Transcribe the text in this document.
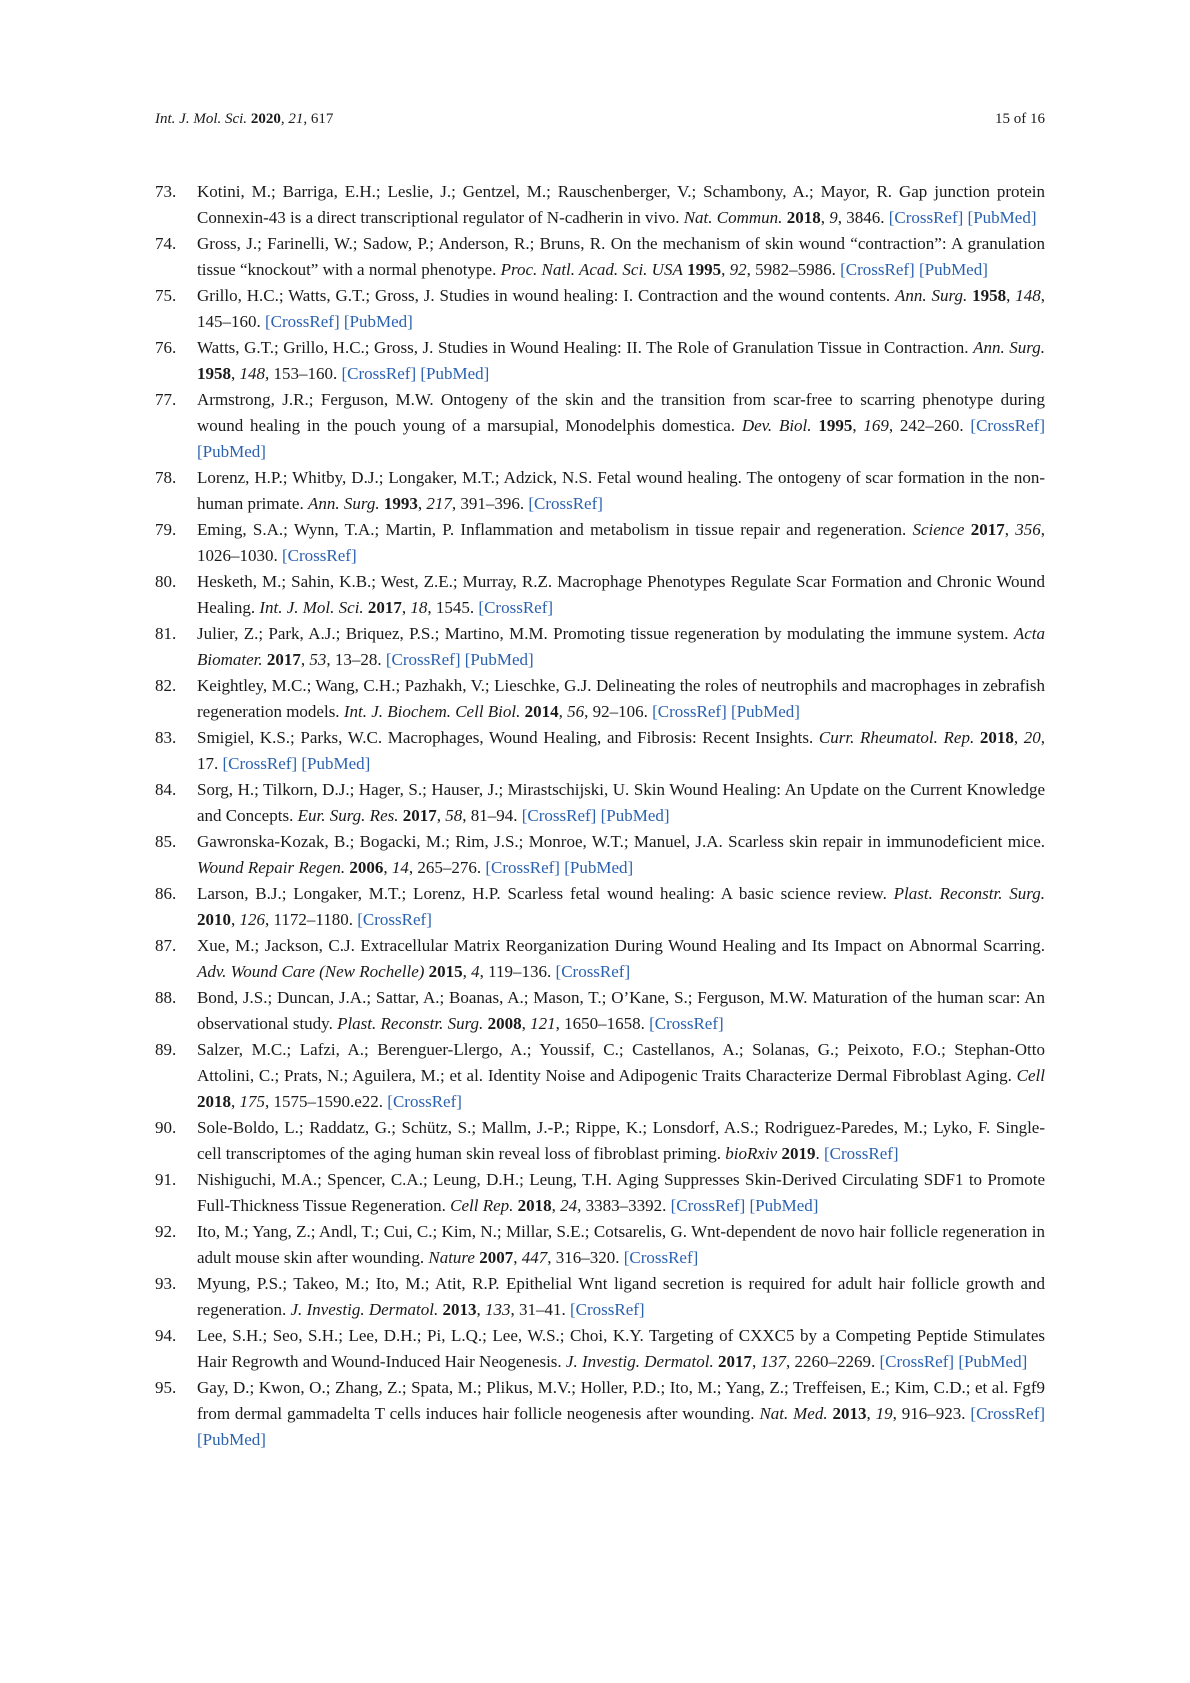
Int. J. Mol. Sci. 2020, 21, 617	15 of 16
73. Kotini, M.; Barriga, E.H.; Leslie, J.; Gentzel, M.; Rauschenberger, V.; Schambony, A.; Mayor, R. Gap junction protein Connexin-43 is a direct transcriptional regulator of N-cadherin in vivo. Nat. Commun. 2018, 9, 3846. [CrossRef] [PubMed]
74. Gross, J.; Farinelli, W.; Sadow, P.; Anderson, R.; Bruns, R. On the mechanism of skin wound “contraction”: A granulation tissue “knockout” with a normal phenotype. Proc. Natl. Acad. Sci. USA 1995, 92, 5982–5986. [CrossRef] [PubMed]
75. Grillo, H.C.; Watts, G.T.; Gross, J. Studies in wound healing: I. Contraction and the wound contents. Ann. Surg. 1958, 148, 145–160. [CrossRef] [PubMed]
76. Watts, G.T.; Grillo, H.C.; Gross, J. Studies in Wound Healing: II. The Role of Granulation Tissue in Contraction. Ann. Surg. 1958, 148, 153–160. [CrossRef] [PubMed]
77. Armstrong, J.R.; Ferguson, M.W. Ontogeny of the skin and the transition from scar-free to scarring phenotype during wound healing in the pouch young of a marsupial, Monodelphis domestica. Dev. Biol. 1995, 169, 242–260. [CrossRef] [PubMed]
78. Lorenz, H.P.; Whitby, D.J.; Longaker, M.T.; Adzick, N.S. Fetal wound healing. The ontogeny of scar formation in the non-human primate. Ann. Surg. 1993, 217, 391–396. [CrossRef]
79. Eming, S.A.; Wynn, T.A.; Martin, P. Inflammation and metabolism in tissue repair and regeneration. Science 2017, 356, 1026–1030. [CrossRef]
80. Hesketh, M.; Sahin, K.B.; West, Z.E.; Murray, R.Z. Macrophage Phenotypes Regulate Scar Formation and Chronic Wound Healing. Int. J. Mol. Sci. 2017, 18, 1545. [CrossRef]
81. Julier, Z.; Park, A.J.; Briquez, P.S.; Martino, M.M. Promoting tissue regeneration by modulating the immune system. Acta Biomater. 2017, 53, 13–28. [CrossRef] [PubMed]
82. Keightley, M.C.; Wang, C.H.; Pazhakh, V.; Lieschke, G.J. Delineating the roles of neutrophils and macrophages in zebrafish regeneration models. Int. J. Biochem. Cell Biol. 2014, 56, 92–106. [CrossRef] [PubMed]
83. Smigiel, K.S.; Parks, W.C. Macrophages, Wound Healing, and Fibrosis: Recent Insights. Curr. Rheumatol. Rep. 2018, 20, 17. [CrossRef] [PubMed]
84. Sorg, H.; Tilkorn, D.J.; Hager, S.; Hauser, J.; Mirastschijski, U. Skin Wound Healing: An Update on the Current Knowledge and Concepts. Eur. Surg. Res. 2017, 58, 81–94. [CrossRef] [PubMed]
85. Gawronska-Kozak, B.; Bogacki, M.; Rim, J.S.; Monroe, W.T.; Manuel, J.A. Scarless skin repair in immunodeficient mice. Wound Repair Regen. 2006, 14, 265–276. [CrossRef] [PubMed]
86. Larson, B.J.; Longaker, M.T.; Lorenz, H.P. Scarless fetal wound healing: A basic science review. Plast. Reconstr. Surg. 2010, 126, 1172–1180. [CrossRef]
87. Xue, M.; Jackson, C.J. Extracellular Matrix Reorganization During Wound Healing and Its Impact on Abnormal Scarring. Adv. Wound Care (New Rochelle) 2015, 4, 119–136. [CrossRef]
88. Bond, J.S.; Duncan, J.A.; Sattar, A.; Boanas, A.; Mason, T.; O’Kane, S.; Ferguson, M.W. Maturation of the human scar: An observational study. Plast. Reconstr. Surg. 2008, 121, 1650–1658. [CrossRef]
89. Salzer, M.C.; Lafzi, A.; Berenguer-Llergo, A.; Youssif, C.; Castellanos, A.; Solanas, G.; Peixoto, F.O.; Stephan-Otto Attolini, C.; Prats, N.; Aguilera, M.; et al. Identity Noise and Adipogenic Traits Characterize Dermal Fibroblast Aging. Cell 2018, 175, 1575–1590.e22. [CrossRef]
90. Sole-Boldo, L.; Raddatz, G.; Schütz, S.; Mallm, J.-P.; Rippe, K.; Lonsdorf, A.S.; Rodriguez-Paredes, M.; Lyko, F. Single-cell transcriptomes of the aging human skin reveal loss of fibroblast priming. bioRxiv 2019. [CrossRef]
91. Nishiguchi, M.A.; Spencer, C.A.; Leung, D.H.; Leung, T.H. Aging Suppresses Skin-Derived Circulating SDF1 to Promote Full-Thickness Tissue Regeneration. Cell Rep. 2018, 24, 3383–3392. [CrossRef] [PubMed]
92. Ito, M.; Yang, Z.; Andl, T.; Cui, C.; Kim, N.; Millar, S.E.; Cotsarelis, G. Wnt-dependent de novo hair follicle regeneration in adult mouse skin after wounding. Nature 2007, 447, 316–320. [CrossRef]
93. Myung, P.S.; Takeo, M.; Ito, M.; Atit, R.P. Epithelial Wnt ligand secretion is required for adult hair follicle growth and regeneration. J. Investig. Dermatol. 2013, 133, 31–41. [CrossRef]
94. Lee, S.H.; Seo, S.H.; Lee, D.H.; Pi, L.Q.; Lee, W.S.; Choi, K.Y. Targeting of CXXC5 by a Competing Peptide Stimulates Hair Regrowth and Wound-Induced Hair Neogenesis. J. Investig. Dermatol. 2017, 137, 2260–2269. [CrossRef] [PubMed]
95. Gay, D.; Kwon, O.; Zhang, Z.; Spata, M.; Plikus, M.V.; Holler, P.D.; Ito, M.; Yang, Z.; Treffeisen, E.; Kim, C.D.; et al. Fgf9 from dermal gammadelta T cells induces hair follicle neogenesis after wounding. Nat. Med. 2013, 19, 916–923. [CrossRef] [PubMed]
